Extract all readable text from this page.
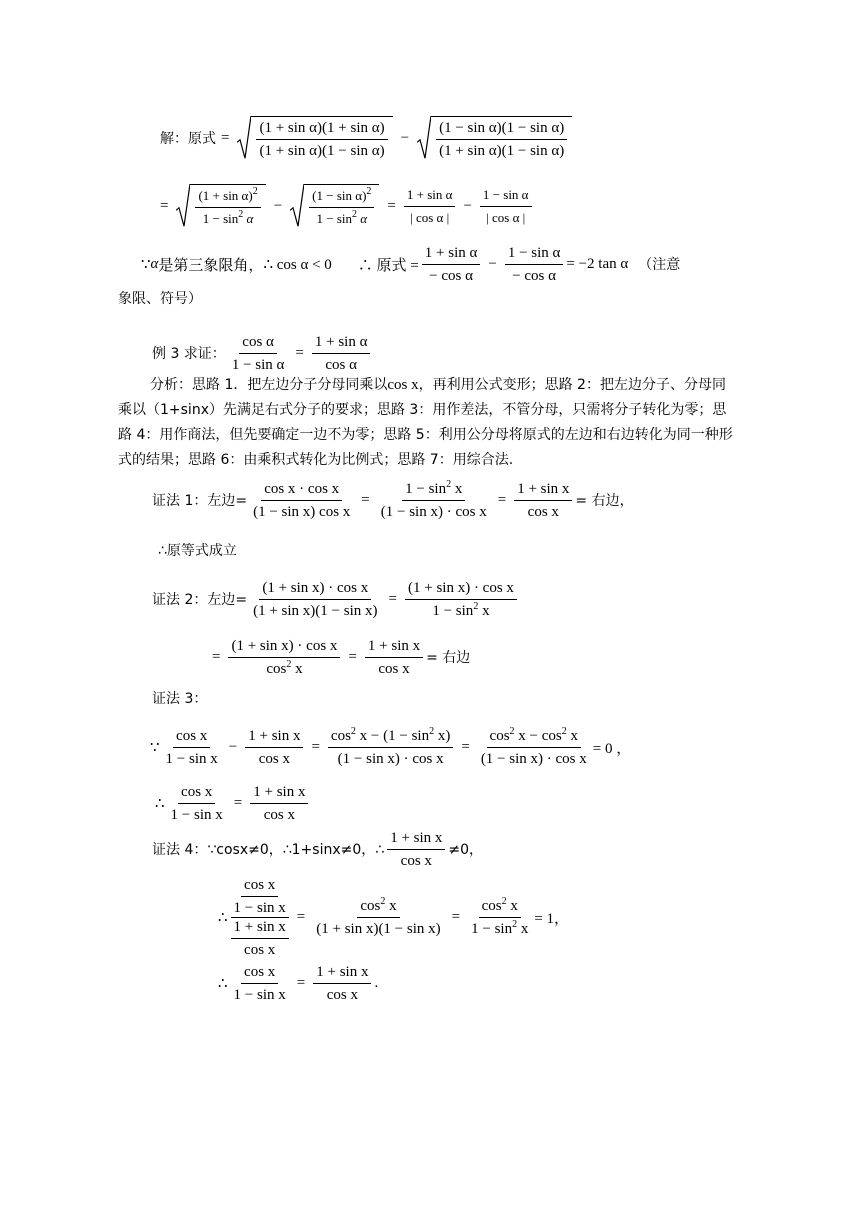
解：原式 = $\frac{\text{(1 + sin α)(1 + sin α)}}{\text{(1 + sin α)(1 − sin α)}} - \frac{\text{(1 − sin α)(1 − sin α)}}{\text{(1 + sin α)(1 − sin α)}}$
= $\frac{(1 + \sin \alpha)^2}{1 - \sin^2 \alpha} - \frac{(1 - \sin \alpha)^2}{1 - \sin^2 \alpha} = \frac{\text{1 + sin α}}{\text{| cos α |}} - \frac{\text{1 − sin α}}{\text{| cos α |}}$
∵ α 是第三象限角， ∴ cos α < 0 ∴ 原式 = $\frac{\text{1 + sin α}}{\text{− cos α}} - \frac{\text{1 − sin α}}{\text{− cos α}} = -2$ tan α （注意
象限、符号）
例 3 求证： $\frac{\text{cos α}}{\text{1 − sin α}} = \frac{\text{1 + sin α}}{\text{cos α}}$

分析：思路 1．把左边分子分母同乘以cos x，再利用公式变形；思路 2：把左边分子、分母同乘以（1+sinx）先满足右式分子的要求；思路 3：用作差法，不管分母，只需将分子转化为零；思路 4：用作商法，但先要确定一边不为零；思路 5：利用公分母将原式的左边和右边转化为同一种形式的结果；思路 6：由乘积式转化为比例式；思路 7：用综合法.

证法 1：左边= $\frac{\text{cos x · cos x}}{\text{(1 − sin x) cos x}} = \frac{1 - \sin^2 x}{\text{(1 − sin x) · cos x}} = \frac{\text{1 + sin x}}{\text{cos x}}$ = 右边，
∴原等式成立
证法 2：左边= $\frac{\text{(1 + sin x) · cos x}}{\text{(1 + sin x)(1 − sin x)}} = \frac{\text{(1 + sin x) · cos x}}{1 - \sin^2 x}$
= $\frac{\text{(1 + sin x) · cos x}}{\cos^2 x} = \frac{\text{1 + sin x}}{\text{cos x}}$ = 右边
证法 3：
∵ $\frac{\text{cos x}}{\text{1 − sin x}} - \frac{\text{1 + sin x}}{\text{cos x}} = \frac{\cos^2 x - (1 - \sin^2 x)}{\text{(1 − sin x) · cos x}} = \frac{\cos^2 x - \cos^2 x}{\text{(1 − sin x) · cos x}} = 0$ ，
∴ $\frac{\text{cos x}}{\text{1 − sin x}} = \frac{\text{1 + sin x}}{\text{cos x}}$
证法 4：∵cosx≠0，∴1+sinx≠0，∴ $\frac{\text{1 + sin x}}{\text{cos x}} \ne 0$，
∴ $\frac{\frac{\text{cos x}}{\text{1 − sin x}}}{\frac{\text{1 + sin x}}{\text{cos x}}} = \frac{\cos^2 x}{\text{(1 + sin x)(1 − sin x)}} = \frac{\cos^2 x}{1 - \sin^2 x} = 1$，
∴ $\frac{\text{cos x}}{\text{1 − sin x}} = \frac{\text{1 + sin x}}{\text{cos x}}$ .
